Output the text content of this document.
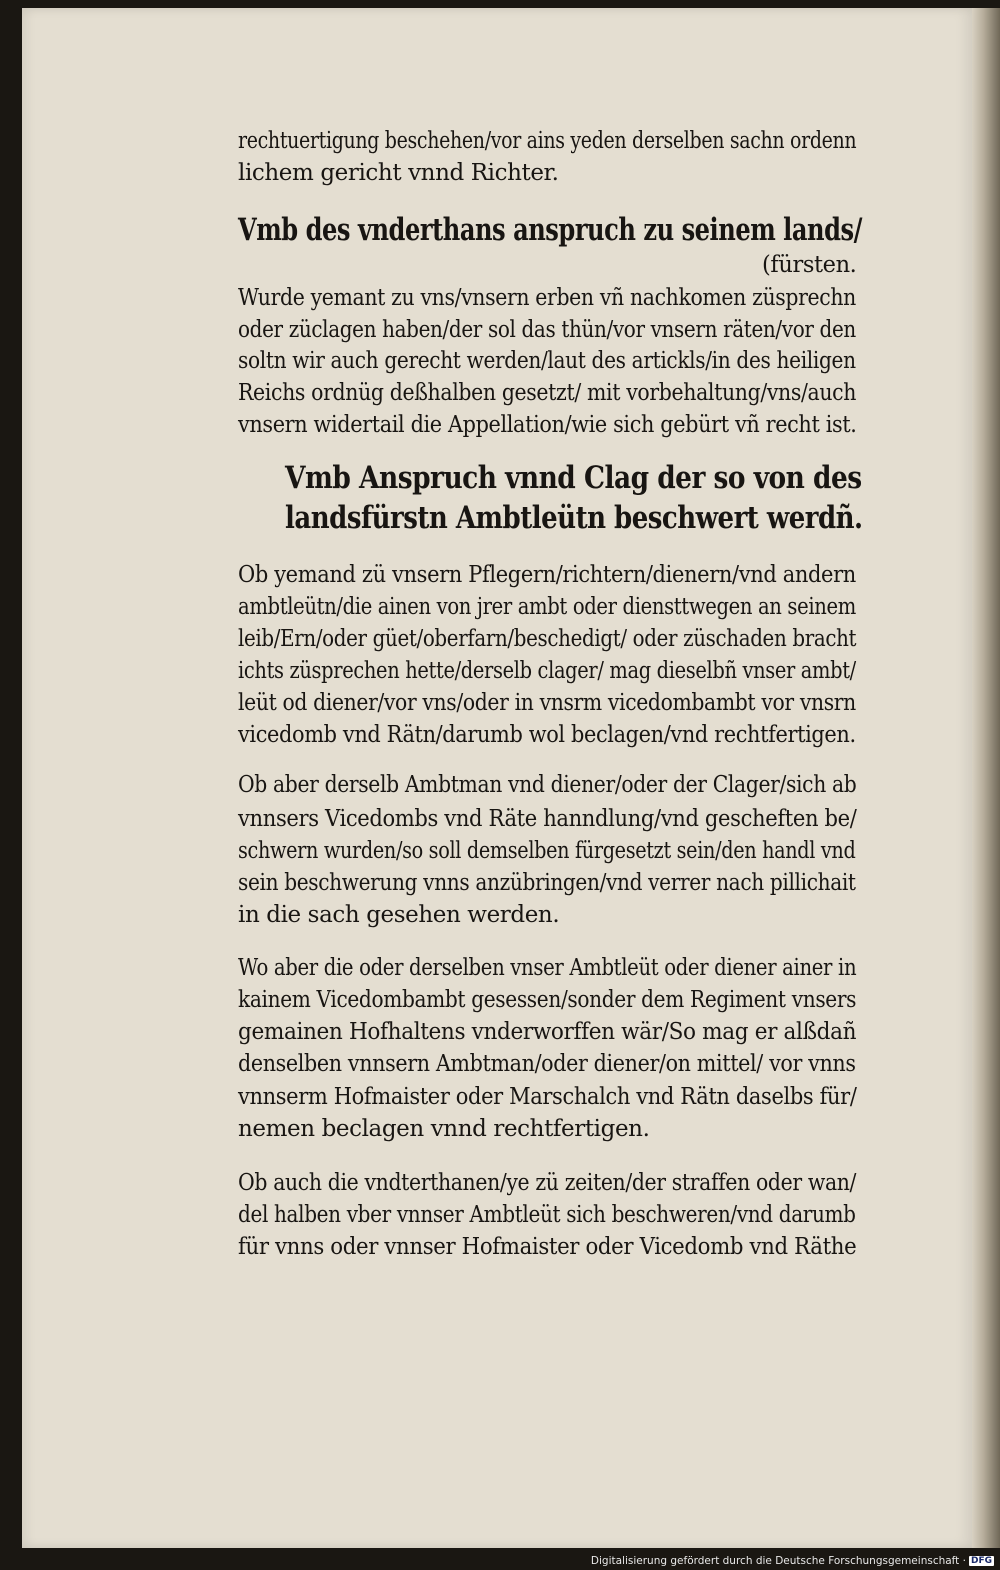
rechtuertigung beschehen/vor ains yeden derselben sachn ordenn

lichem gericht vnnd Richter.

Vmb des vnderthans anspruch zu seinem lands/

(fürsten.

Wurde yemant zu vns/vnsern erben vñ nachkomen züsprechn

oder züclagen haben/der sol das thün/vor vnsern räten/vor den

soltn wir auch gerecht werden/laut des artickls/in des heiligen

Reichs ordnüg deßhalben gesetzt/ mit vorbehaltung/vns/auch

vnsern widertail die Appellation/wie sich gebürt vñ recht ist.

Vmb Anspruch vnnd Clag der so von des

landsfürstn Ambtleütn beschwert werdñ.

Ob yemand zü vnsern Pflegern/richtern/dienern/vnd andern

ambtleütn/die ainen von jrer ambt oder diensttwegen an seinem

leib/Ern/oder güet/oberfarn/beschedigt/ oder züschaden bracht

ichts züsprechen hette/derselb clager/ mag dieselbñ vnser ambt/

leüt od diener/vor vns/oder in vnsrm vicedombambt vor vnsrn

vicedomb vnd Rätn/darumb wol beclagen/vnd rechtfertigen.

Ob aber derselb Ambtman vnd diener/oder der Clager/sich ab

vnnsers Vicedombs vnd Räte hanndlung/vnd gescheften be/

schwern wurden/so soll demselben fürgesetzt sein/den handl vnd

sein beschwerung vnns anzübringen/vnd verrer nach pillichait

in die sach gesehen werden.

Wo aber die oder derselben vnser Ambtleüt oder diener ainer in

kainem Vicedombambt gesessen/sonder dem Regiment vnsers

gemainen Hofhaltens vnderworffen wär/So mag er alßdañ

denselben vnnsern Ambtman/oder diener/on mittel/ vor vnns

vnnserm Hofmaister oder Marschalch vnd Rätn daselbs für/

nemen beclagen vnnd rechtfertigen.

Ob auch die vndterthanen/ye zü zeiten/der straffen oder wan/

del halben vber vnnser Ambtleüt sich beschweren/vnd darumb

für vnns oder vnnser Hofmaister oder Vicedomb vnd Räthe

Digitalisierung gefördert durch die Deutsche Forschungsgemeinschaft · DFG
